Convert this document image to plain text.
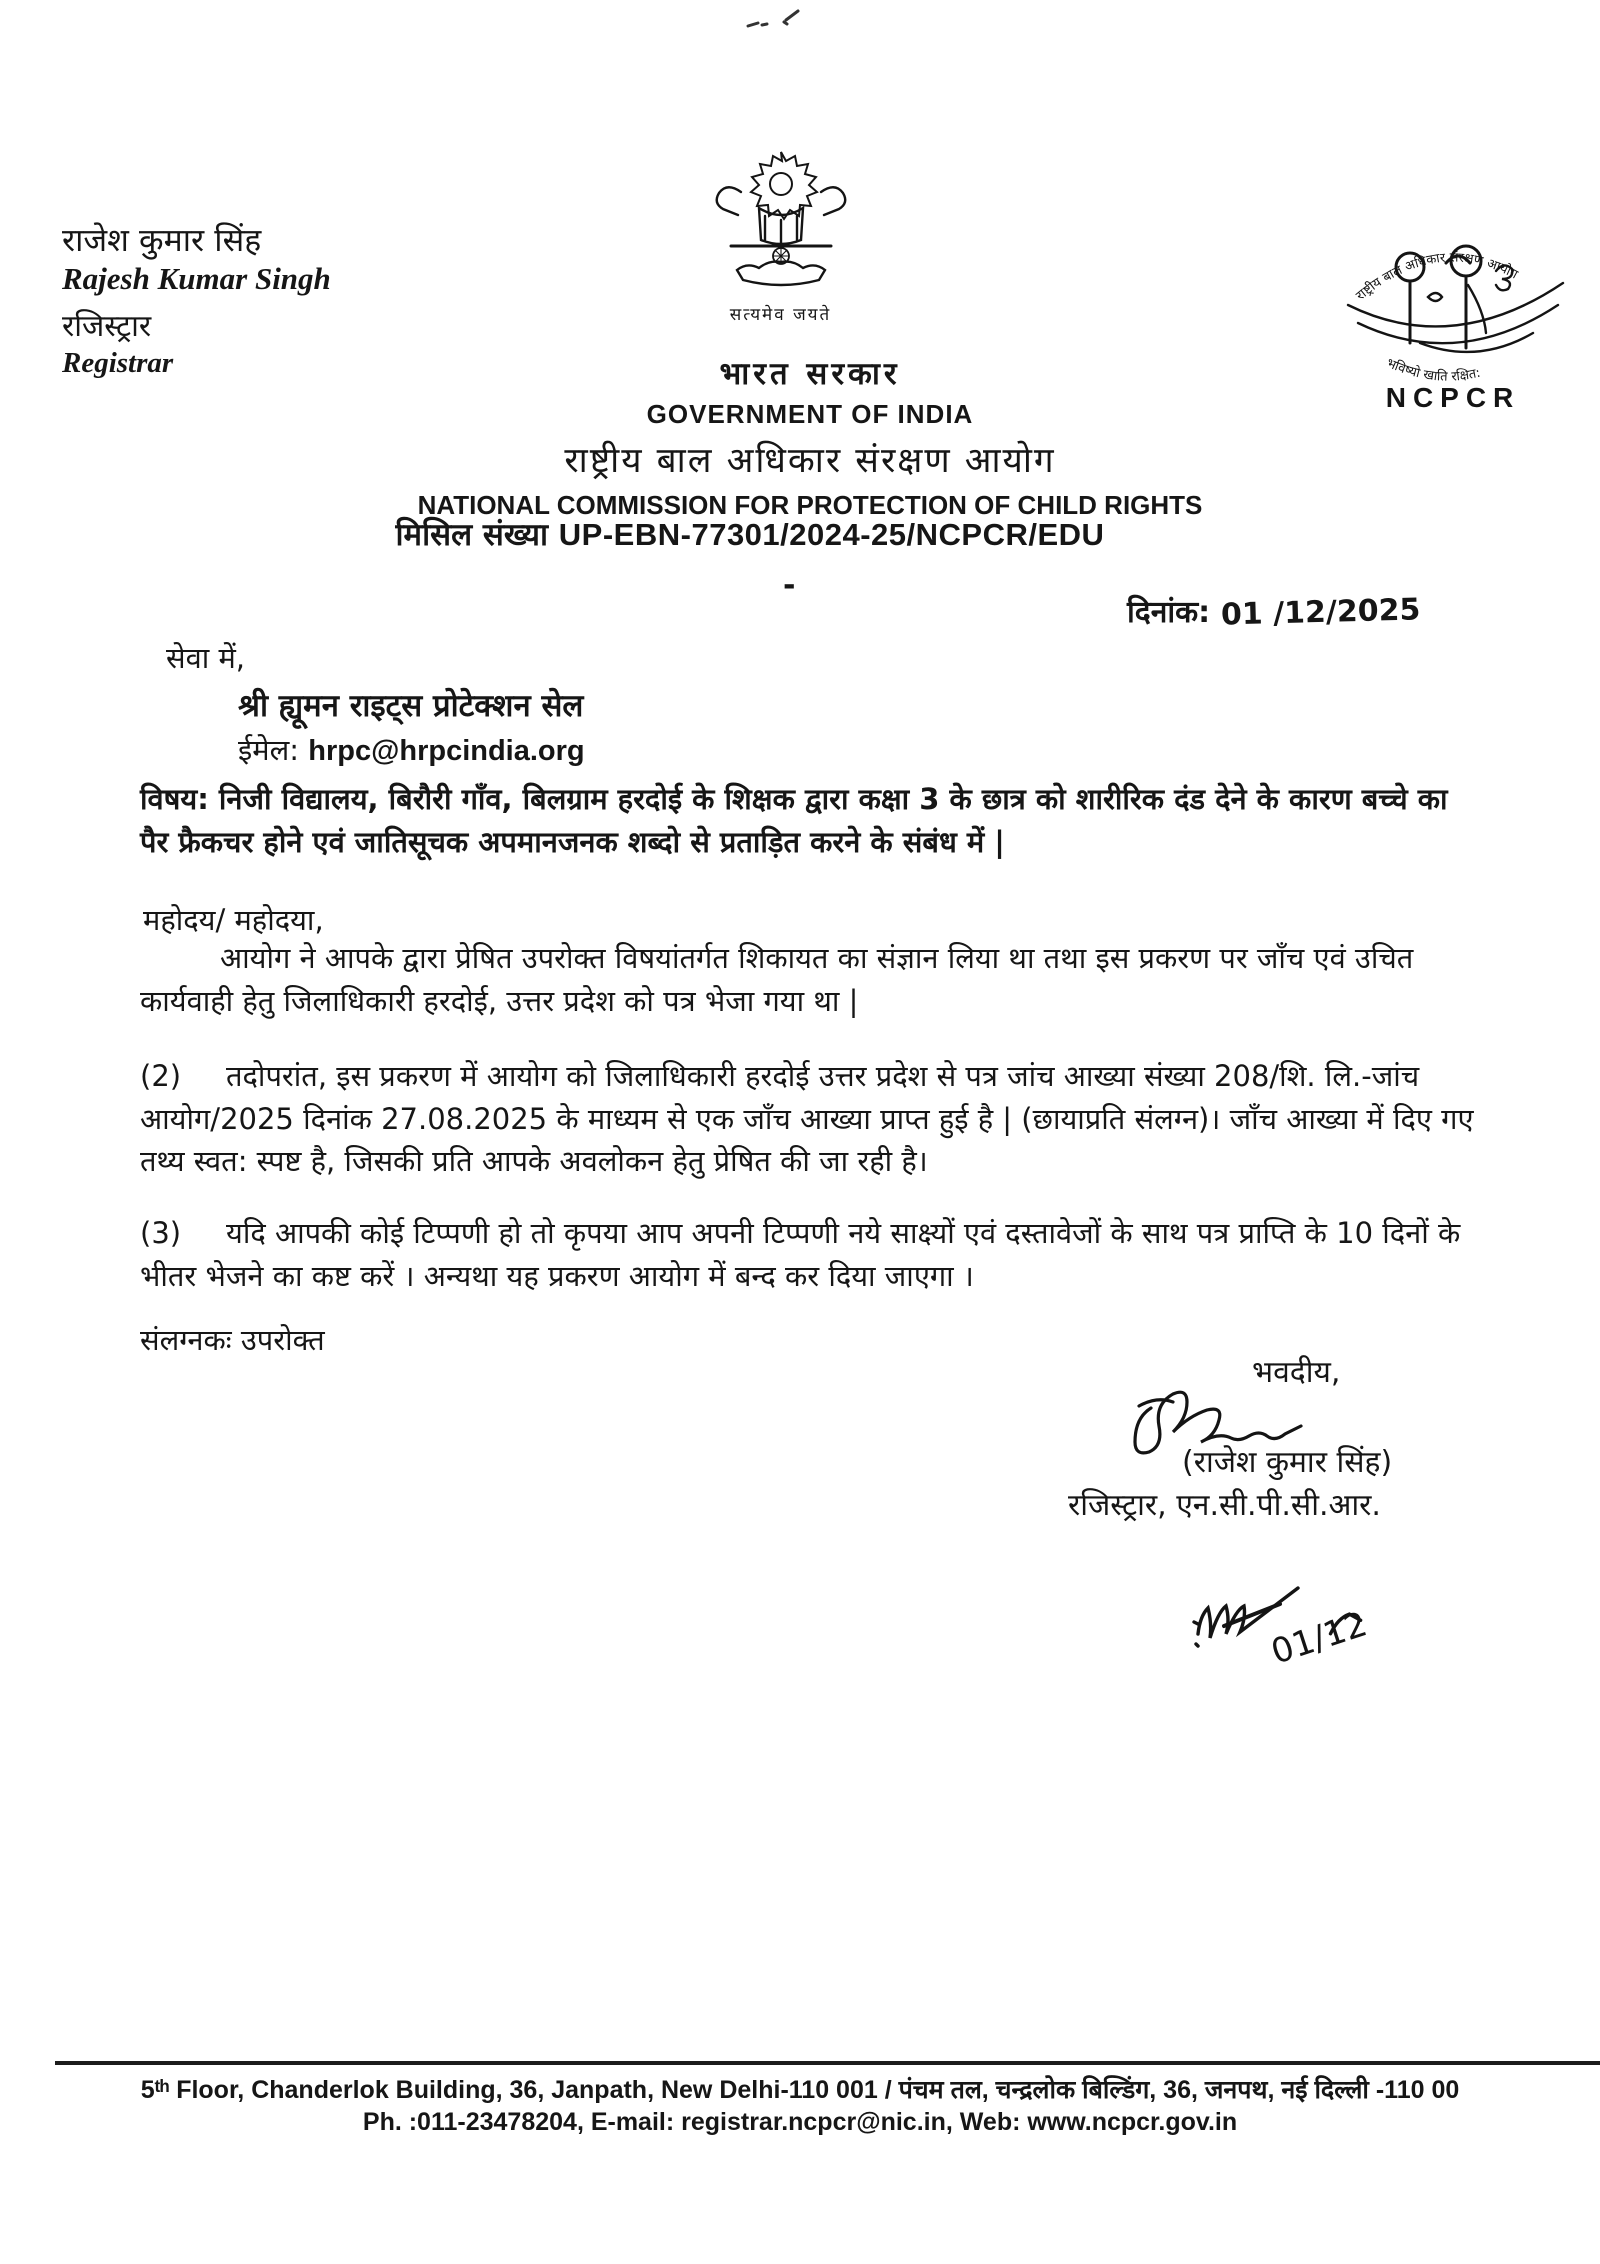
राजेश कुमार सिंह
Rajesh Kumar Singh
रजिस्ट्रार
Registrar
सत्यमेव जयते
राष्ट्रीय बाल अधिकार संरक्षण आयोग
भविष्यो खाति रक्षित:
NCPCR
भारत सरकार
GOVERNMENT OF INDIA
राष्ट्रीय बाल अधिकार संरक्षण आयोग
NATIONAL COMMISSION FOR PROTECTION OF CHILD RIGHTS
मिसिल संख्या UP-EBN-77301/2024-25/NCPCR/EDU
-
दिनांक: 01 /12/2025
सेवा में,
श्री ह्यूमन राइट्स प्रोटेक्शन सेल
ईमेल: hrpc@hrpcindia.org
विषय: निजी विद्यालय, बिरौरी गाँव, बिलग्राम हरदोई के शिक्षक द्वारा कक्षा 3 के छात्र को शारीरिक दंड देने के कारण बच्चे का पैर फ्रैकचर होने एवं जातिसूचक अपमानजनक शब्दो से प्रताड़ित करने के संबंध में |
महोदय/ महोदया,

आयोग ने आपके द्वारा प्रेषित उपरोक्त विषयांतर्गत शिकायत का संज्ञान लिया था तथा इस प्रकरण पर जाँच एवं उचित कार्यवाही हेतु जिलाधिकारी हरदोई, उत्तर प्रदेश को पत्र भेजा गया था |

(2) तदोपरांत, इस प्रकरण में आयोग को जिलाधिकारी हरदोई उत्तर प्रदेश से पत्र जांच आख्या संख्या 208/शि. लि.-जांच आयोग/2025 दिनांक 27.08.2025 के माध्यम से एक जाँच आख्या प्राप्त हुई है | (छायाप्रति संलग्न)। जाँच आख्या में दिए गए तथ्य स्वत: स्पष्ट है, जिसकी प्रति आपके अवलोकन हेतु प्रेषित की जा रही है।

(3) यदि आपकी कोई टिप्पणी हो तो कृपया आप अपनी टिप्पणी नये साक्ष्यों एवं दस्तावेजों के साथ पत्र प्राप्ति के 10 दिनों के भीतर भेजने का कष्ट करें । अन्यथा यह प्रकरण आयोग में बन्द कर दिया जाएगा ।

संलग्नकः उपरोक्त
भवदीय,
(राजेश कुमार सिंह)
रजिस्ट्रार, एन.सी.पी.सी.आर.
01/12
5ᵗʰ Floor, Chanderlok Building, 36, Janpath, New Delhi-110 001 / पंचम तल, चन्द्रलोक बिल्डिंग, 36, जनपथ, नई दिल्ली -110 00
Ph. :011-23478204, E-mail: registrar.ncpcr@nic.in, Web: www.ncpcr.gov.in
